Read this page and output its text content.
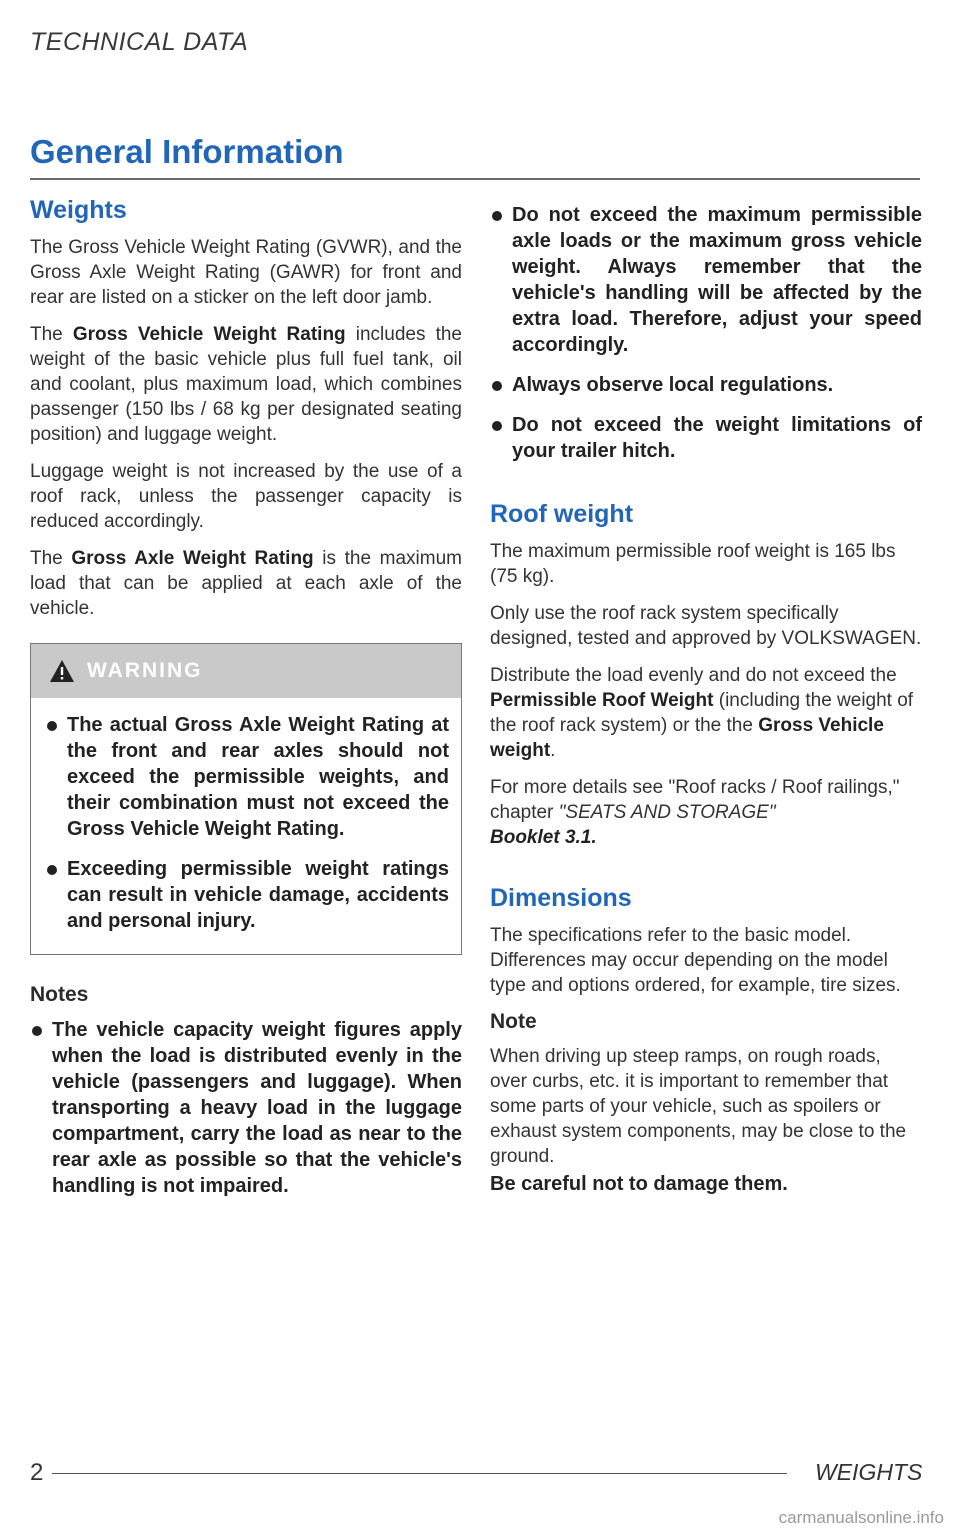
TECHNICAL DATA
General Information
Weights

The Gross Vehicle Weight Rating (GVWR), and the Gross Axle Weight Rating (GAWR) for front and rear are listed on a sticker on the left door jamb.

The Gross Vehicle Weight Rating includes the weight of the basic vehicle plus full fuel tank, oil and coolant, plus maximum load, which combines passenger (150 lbs / 68 kg per designated seating position) and luggage weight.

Luggage weight is not increased by the use of a roof rack, unless the passenger capacity is reduced accordingly.

The Gross Axle Weight Rating is the maximum load that can be applied at each axle of the vehicle.

WARNING
The actual Gross Axle Weight Rating at the front and rear axles should not exceed the permissible weights, and their combination must not exceed the Gross Vehicle Weight Rating.
Exceeding permissible weight ratings can result in vehicle damage, accidents and personal injury.
Notes
The vehicle capacity weight figures apply when the load is distributed evenly in the vehicle (passengers and luggage). When transporting a heavy load in the luggage compartment, carry the load as near to the rear axle as possible so that the vehicle's handling is not impaired.
Do not exceed the maximum permissible axle loads or the maximum gross vehicle weight. Always remember that the vehicle's handling will be affected by the extra load. Therefore, adjust your speed accordingly.
Always observe local regulations.
Do not exceed the weight limitations of your trailer hitch.
Roof weight

The maximum permissible roof weight is 165 lbs (75 kg).

Only use the roof rack system specifically designed, tested and approved by VOLKSWAGEN.

Distribute the load evenly and do not exceed the Permissible Roof Weight (including the weight of the roof rack system) or the the Gross Vehicle weight.

For more details see "Roof racks / Roof railings," chapter "SEATS AND STORAGE"
Booklet 3.1.

Dimensions

The specifications refer to the basic model. Differences may occur depending on the model type and options ordered, for example, tire sizes.

Note

When driving up steep ramps, on rough roads, over curbs, etc. it is important to remember that some parts of your vehicle, such as spoilers or exhaust system components, may be close to the ground.

Be careful not to damage them.
2	WEIGHTS
carmanualsonline.info
